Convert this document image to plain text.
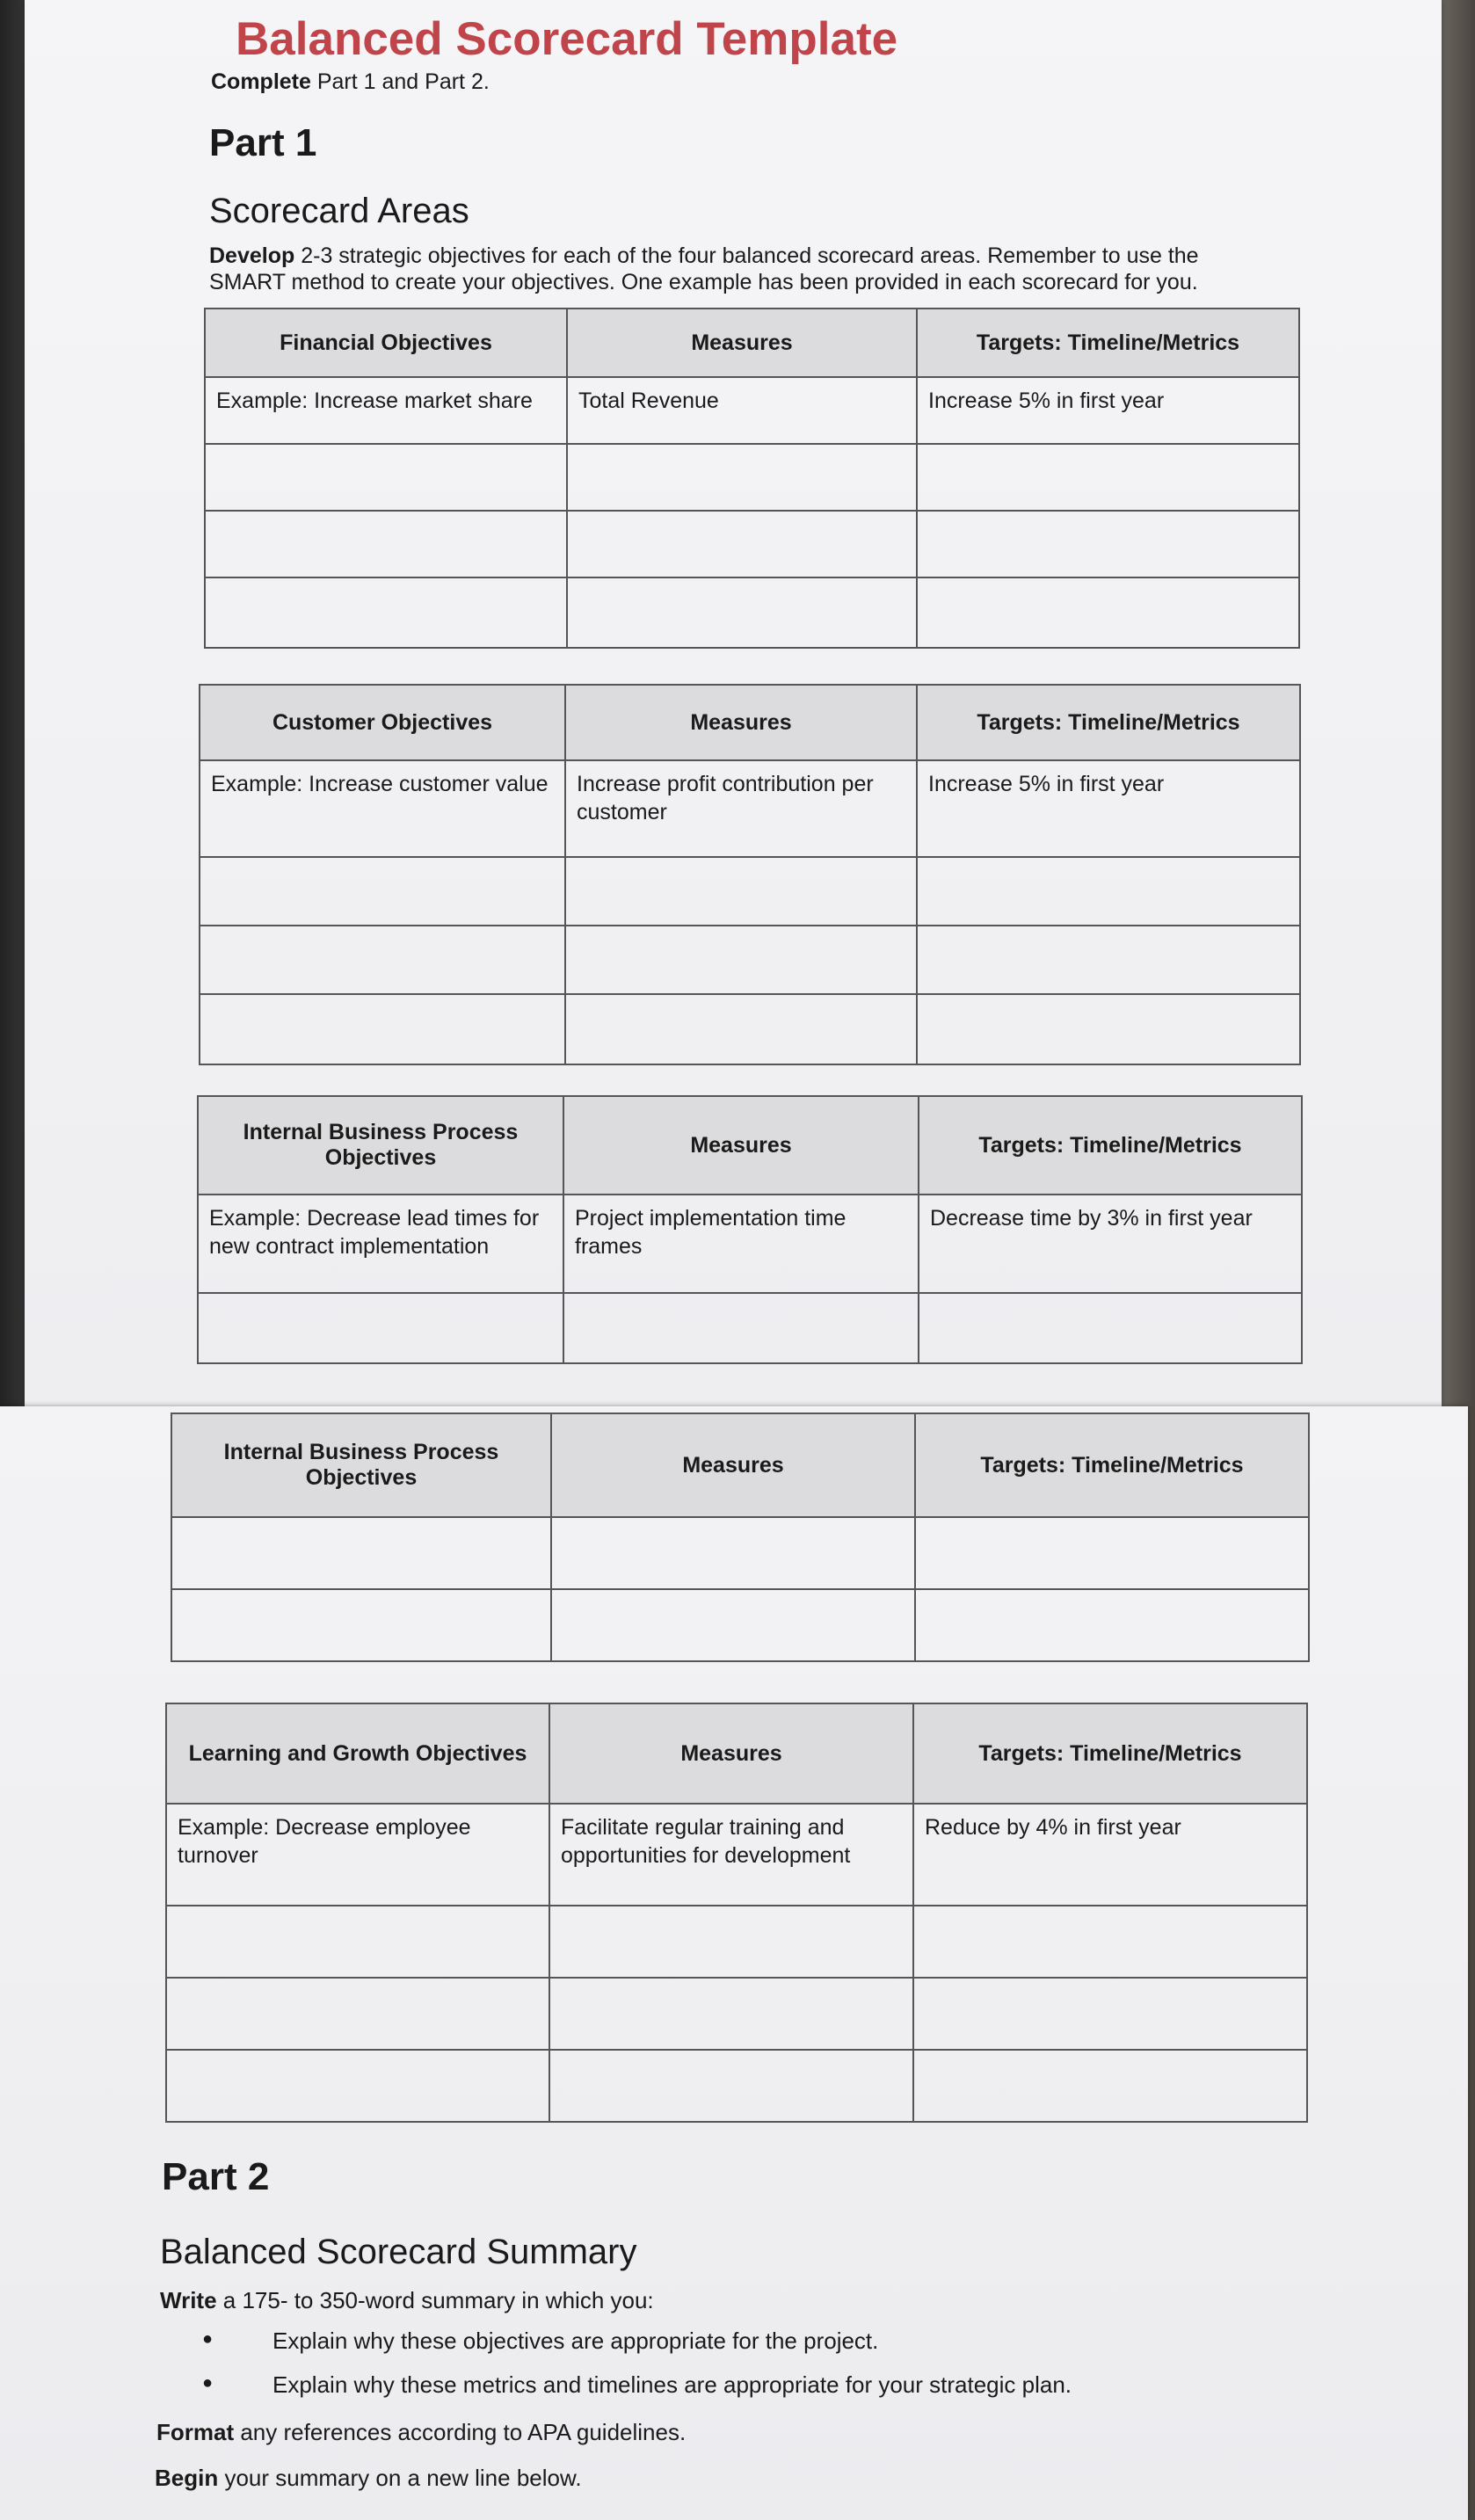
Balanced Scorecard Template
Complete Part 1 and Part 2.
Part 1
Scorecard Areas
Develop 2-3 strategic objectives for each of the four balanced scorecard areas. Remember to use the
SMART method to create your objectives. One example has been provided in each scorecard for you.
Financial Objectives	Measures	Targets: Timeline/Metrics
Example: Increase market share	Total Revenue	Increase 5% in first year

Customer Objectives	Measures	Targets: Timeline/Metrics
Example: Increase customer value	Increase profit contribution per customer	Increase 5% in first year

Internal Business Process Objectives	Measures	Targets: Timeline/Metrics
Example: Decrease lead times for new contract implementation	Project implementation time frames	Decrease time by 3% in first year

Internal Business Process Objectives	Measures	Targets: Timeline/Metrics

Learning and Growth Objectives	Measures	Targets: Timeline/Metrics
Example: Decrease employee turnover	Facilitate regular training and opportunities for development	Reduce by 4% in first year

Part 2
Balanced Scorecard Summary
Write a 175- to 350-word summary in which you:
● Explain why these objectives are appropriate for the project.
● Explain why these metrics and timelines are appropriate for your strategic plan.
Format any references according to APA guidelines.
Begin your summary on a new line below.
